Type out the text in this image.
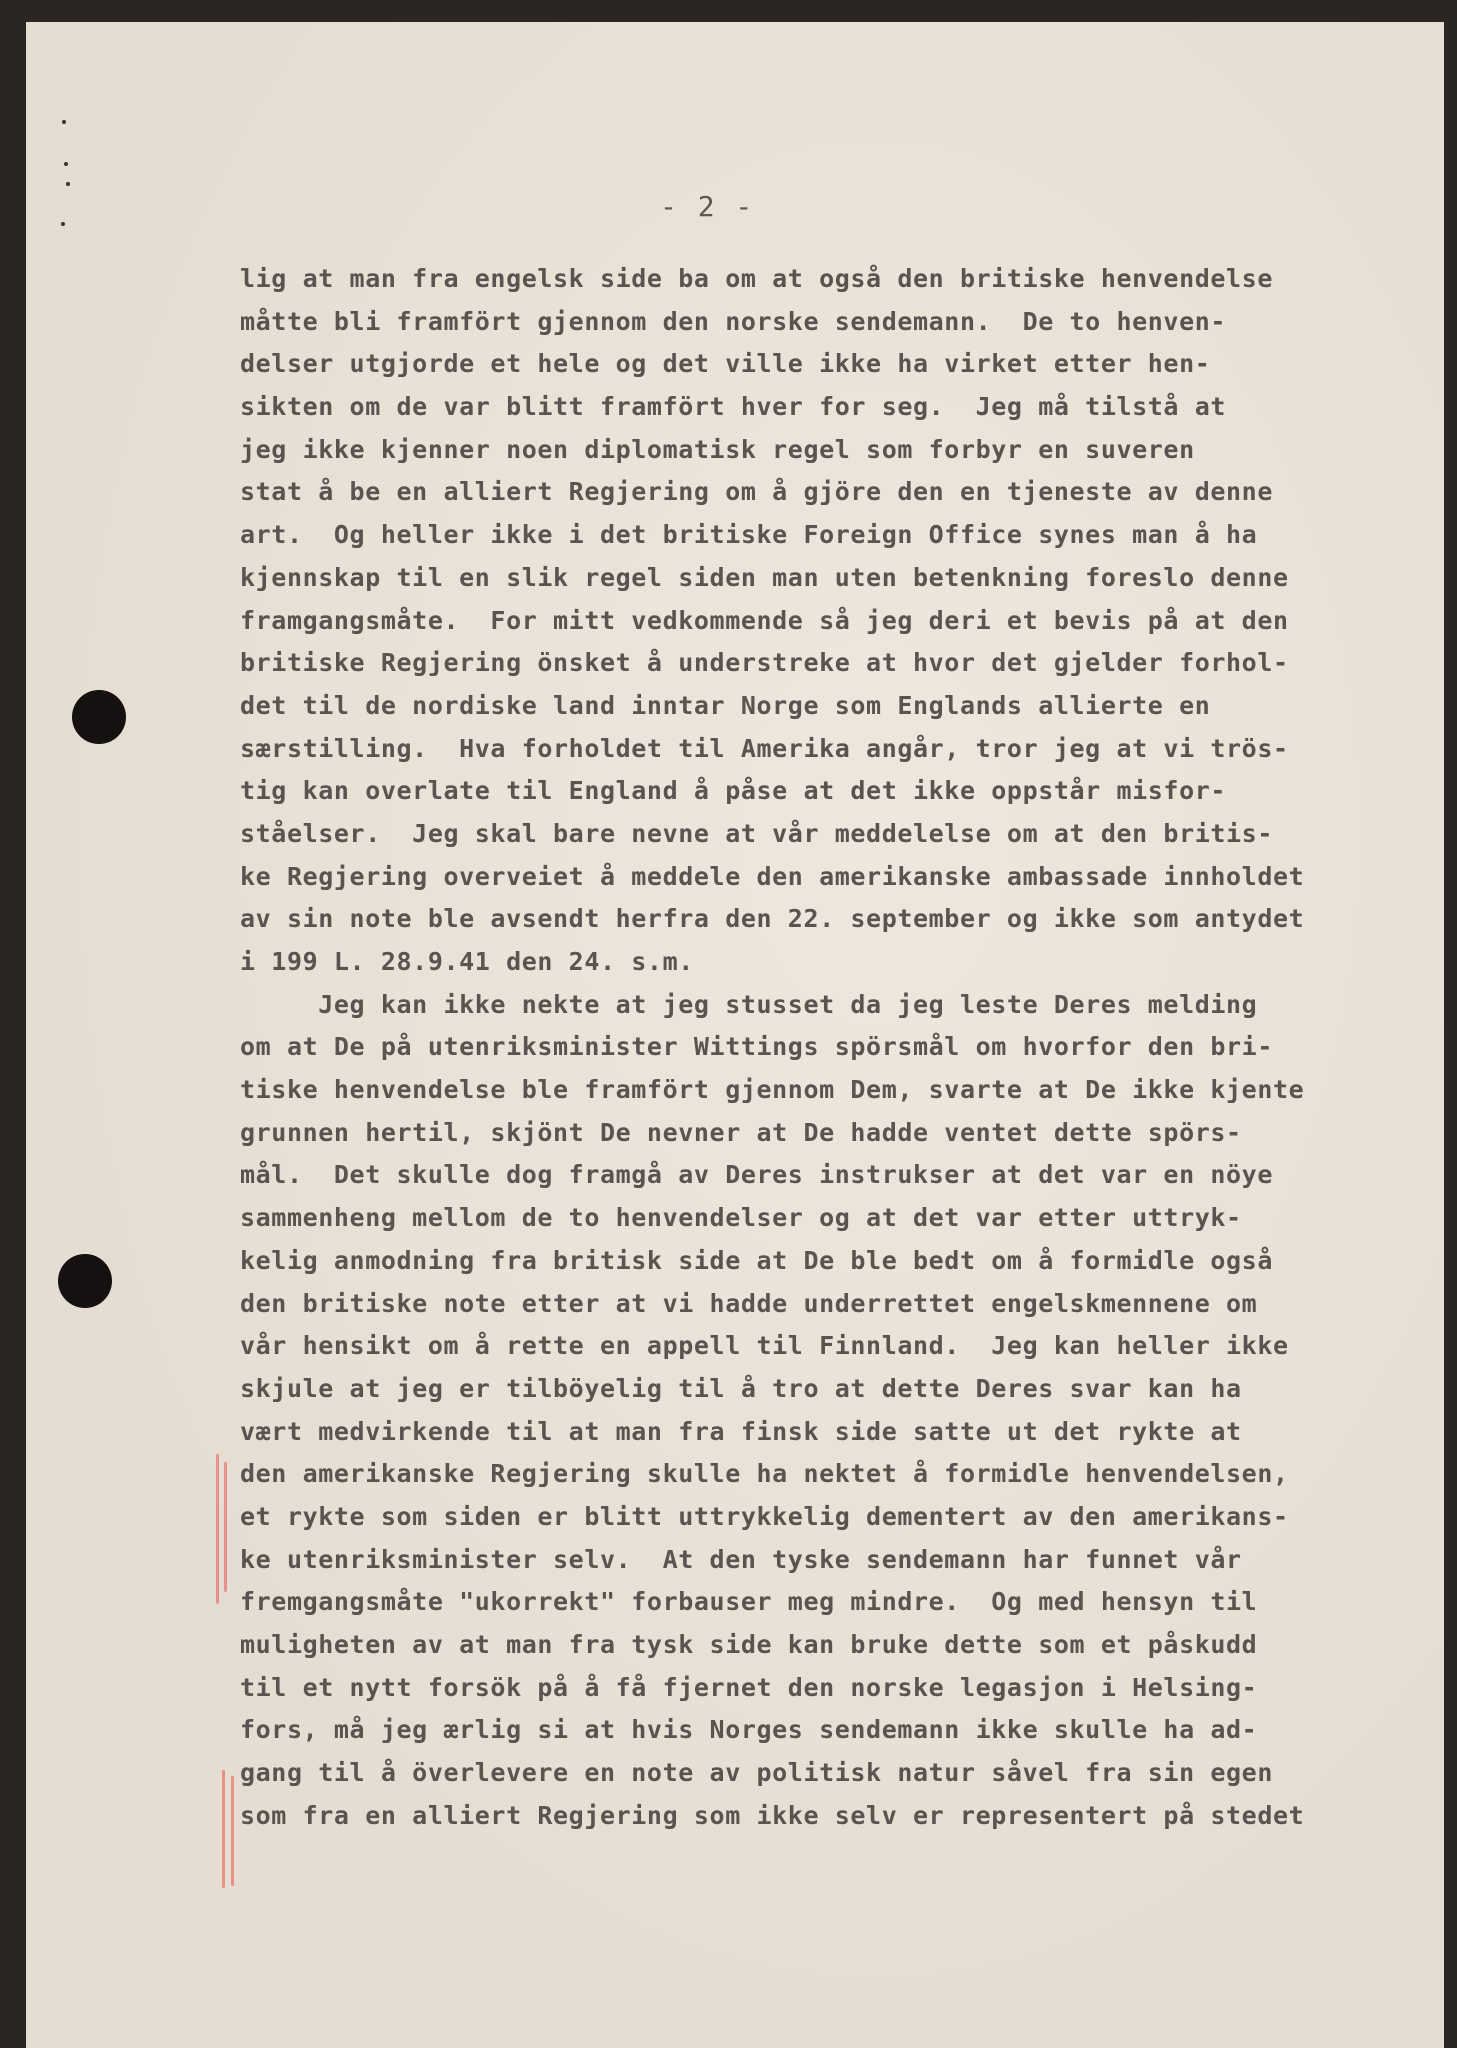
- 2 -
lig at man fra engelsk side ba om at også den britiske henvendelse
måtte bli framfört gjennom den norske sendemann.  De to henven-
delser utgjorde et hele og det ville ikke ha virket etter hen-
sikten om de var blitt framfört hver for seg.  Jeg må tilstå at
jeg ikke kjenner noen diplomatisk regel som forbyr en suveren
stat å be en alliert Regjering om å gjöre den en tjeneste av denne
art.  Og heller ikke i det britiske Foreign Office synes man å ha
kjennskap til en slik regel siden man uten betenkning foreslo denne
framgangsmåte.  For mitt vedkommende så jeg deri et bevis på at den
britiske Regjering önsket å understreke at hvor det gjelder forhol-
det til de nordiske land inntar Norge som Englands allierte en
særstilling.  Hva forholdet til Amerika angår, tror jeg at vi trös-
tig kan overlate til England å påse at det ikke oppstår misfor-
ståelser.  Jeg skal bare nevne at vår meddelelse om at den britis-
ke Regjering overveiet å meddele den amerikanske ambassade innholdet
av sin note ble avsendt herfra den 22. september og ikke som antydet
i 199 L. 28.9.41 den 24. s.m.
Jeg kan ikke nekte at jeg stusset da jeg leste Deres melding
om at De på utenriksminister Wittings spörsmål om hvorfor den bri-
tiske henvendelse ble framfört gjennom Dem, svarte at De ikke kjente
grunnen hertil, skjönt De nevner at De hadde ventet dette spörs-
mål.  Det skulle dog framgå av Deres instrukser at det var en nöye
sammenheng mellom de to henvendelser og at det var etter uttryk-
kelig anmodning fra britisk side at De ble bedt om å formidle også
den britiske note etter at vi hadde underrettet engelskmennene om
vår hensikt om å rette en appell til Finnland.  Jeg kan heller ikke
skjule at jeg er tilböyelig til å tro at dette Deres svar kan ha
vært medvirkende til at man fra finsk side satte ut det rykte at
den amerikanske Regjering skulle ha nektet å formidle henvendelsen,
et rykte som siden er blitt uttrykkelig dementert av den amerikans-
ke utenriksminister selv.  At den tyske sendemann har funnet vår
fremgangsmåte "ukorrekt" forbauser meg mindre.  Og med hensyn til
muligheten av at man fra tysk side kan bruke dette som et påskudd
til et nytt forsök på å få fjernet den norske legasjon i Helsing-
fors, må jeg ærlig si at hvis Norges sendemann ikke skulle ha ad-
gang til å överlevere en note av politisk natur såvel fra sin egen
som fra en alliert Regjering som ikke selv er representert på stedet
